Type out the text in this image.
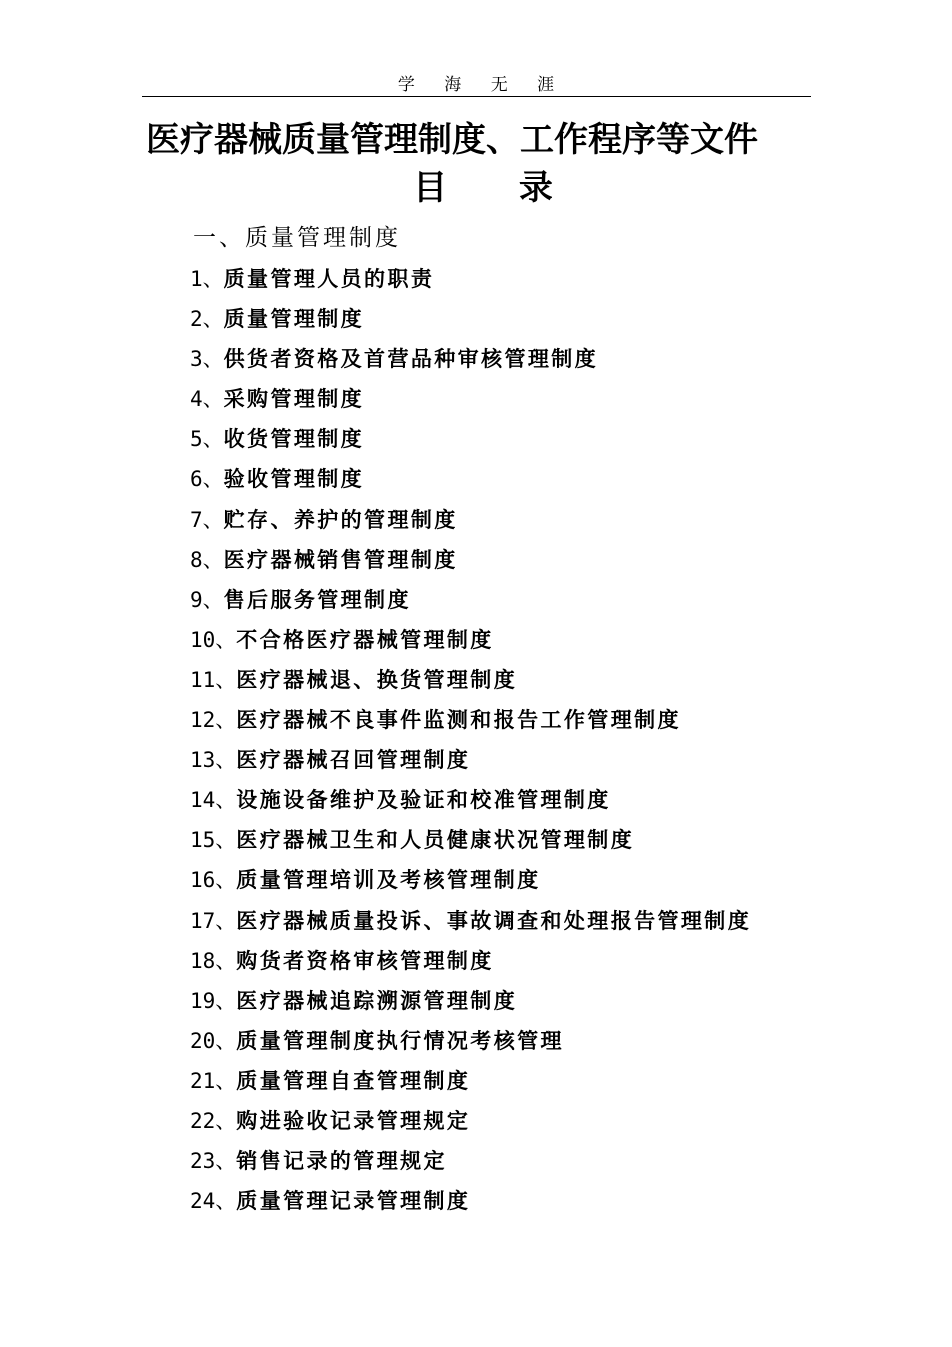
学 海 无 涯
医疗器械质量管理制度、工作程序等文件
目 录
一、质量管理制度
1、质量管理人员的职责
2、质量管理制度
3、供货者资格及首营品种审核管理制度
4、采购管理制度
5、收货管理制度
6、验收管理制度
7、贮存、养护的管理制度
8、医疗器械销售管理制度
9、售后服务管理制度
10、不合格医疗器械管理制度
11、医疗器械退、换货管理制度
12、医疗器械不良事件监测和报告工作管理制度
13、医疗器械召回管理制度
14、设施设备维护及验证和校准管理制度
15、医疗器械卫生和人员健康状况管理制度
16、质量管理培训及考核管理制度
17、医疗器械质量投诉、事故调查和处理报告管理制度
18、购货者资格审核管理制度
19、医疗器械追踪溯源管理制度
20、质量管理制度执行情况考核管理
21、质量管理自查管理制度
22、购进验收记录管理规定
23、销售记录的管理规定
24、质量管理记录管理制度
